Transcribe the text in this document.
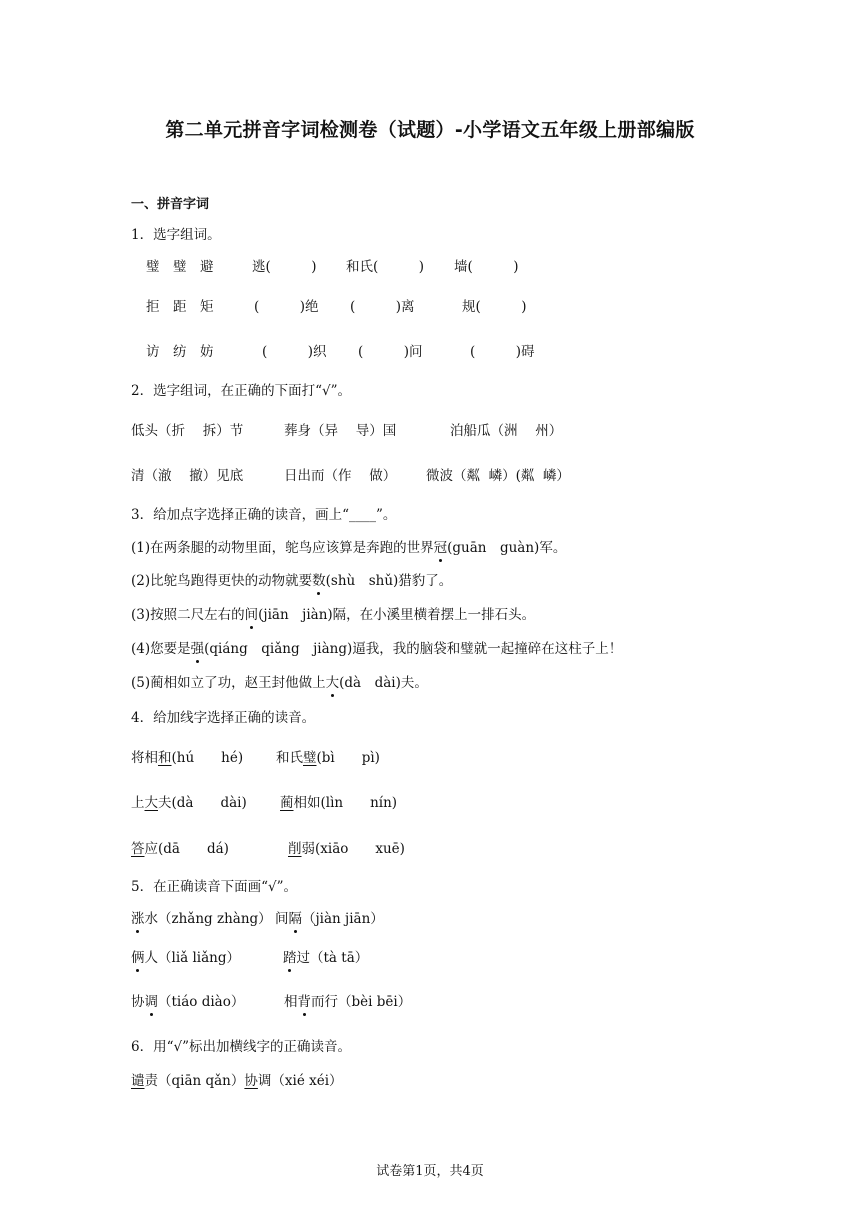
第二单元拼音字词检测卷（试题）-小学语文五年级上册部编版
一、拼音字词
1．选字组词。
璧　璧　避	逃(　　　) 和氏(　　　) 墙(　　　)
拒　距　矩	(　　　)绝 (　　　)离	规(　　　)
访　纺　妨	(　　　)织 (　　　)问	(　　　)碍
2．选字组词，在正确的下面打“√”。
低头（折　 拆）节	葬身（异　 导）国	泊船瓜（洲　 州）
清（澈　 撤）见底	日出而（作　 做） 微波（粼  嶙）(粼  嶙）
3．给加点字选择正确的读音，画上“____”。
(1)在两条腿的动物里面，鸵鸟应该算是奔跑的世界冠(guān　guàn)军。
(2)比鸵鸟跑得更快的动物就要数(shù　shǔ)猎豹了。
(3)按照二尺左右的间(jiān　jiàn)隔，在小溪里横着摆上一排石头。
(4)您要是强(qiáng　qiǎng　jiàng)逼我，我的脑袋和璧就一起撞碎在这柱子上！
(5)蔺相如立了功，赵王封他做上大(dà　dài)夫。
4．给加线字选择正确的读音。
将相和(hú　　hé) 和氏璧(bì　　pì)
上大夫(dà　　dài) 蔺相如(lìn　　nín)
答应(dā　　dá)	削弱(xiāo　　xuē)
5．在正确读音下面画“√”。
涨水（zhǎng zhàng） 间隔（jiàn jiān）
俩人（liǎ liǎng）	踏过（tà tā）
协调（tiáo diào）	相背而行（bèi bēi）
6．用“√”标出加横线字的正确读音。
谴责（qiān qǎn）协调（xié xéi）
试卷第1页，共4页
